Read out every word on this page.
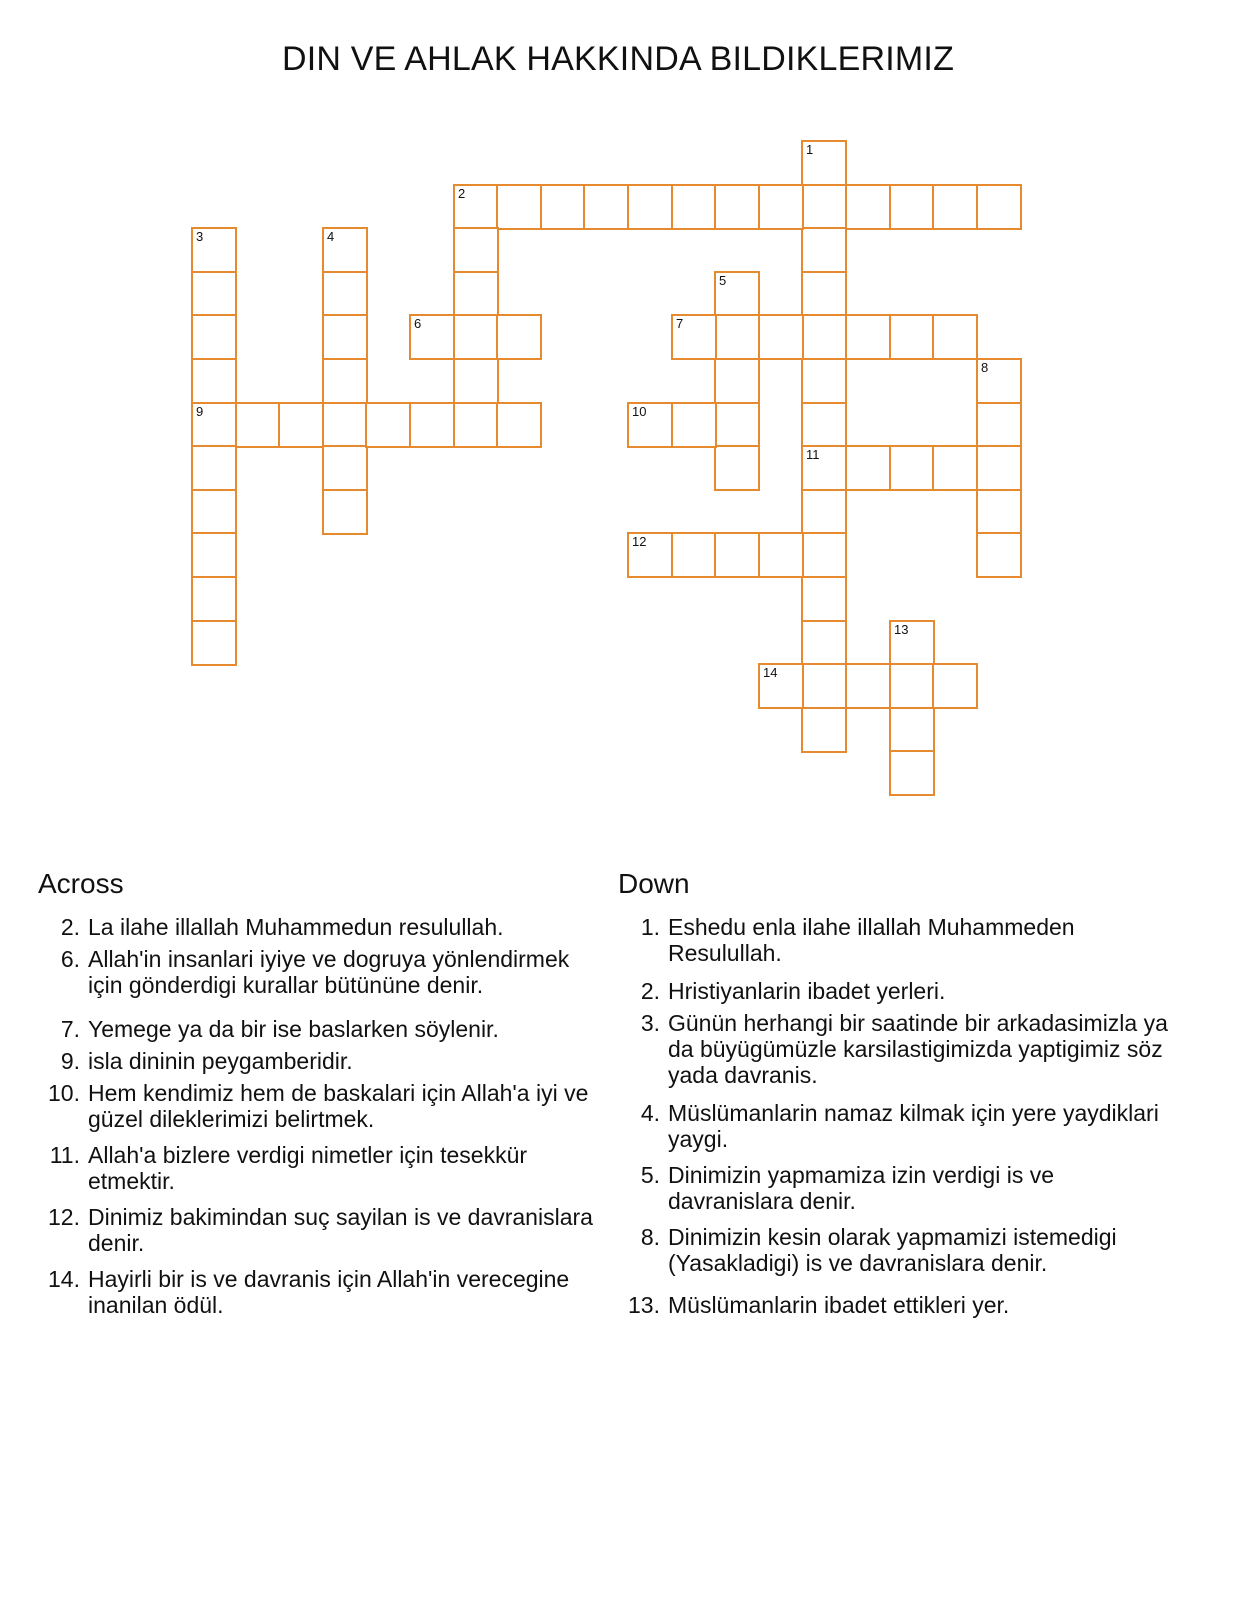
DIN VE AHLAK HAKKINDA BILDIKLERIMIZ
1
11
2
3
9
4
5
6	7
8
10
12
13
14
Across
2. La ilahe illallah Muhammedun resulullah.
6. Allah'in insanlari iyiye ve dogruya yönlendirmek için gönderdigi kurallar bütününe denir.
7. Yemege ya da bir ise baslarken söylenir.
9. isla dininin peygamberidir.
10. Hem kendimiz hem de baskalari için Allah'a iyi ve güzel dileklerimizi belirtmek.
11. Allah'a bizlere verdigi nimetler için tesekkür etmektir.
12. Dinimiz bakimindan suç sayilan is ve davranislara denir.
14. Hayirli bir is ve davranis için Allah'in verecegine inanilan ödül.
Down
1. Eshedu enla ilahe illallah Muhammeden Resulullah.
2. Hristiyanlarin ibadet yerleri.
3. Günün herhangi bir saatinde bir arkadasimizla ya da büyügümüzle karsilastigimizda yaptigimiz söz yada davranis.
4. Müslümanlarin namaz kilmak için yere yaydiklari yaygi.
5. Dinimizin yapmamiza izin verdigi is ve davranislara denir.
8. Dinimizin kesin olarak yapmamizi istemedigi (Yasakladigi) is ve davranislara denir.
13. Müslümanlarin ibadet ettikleri yer.
